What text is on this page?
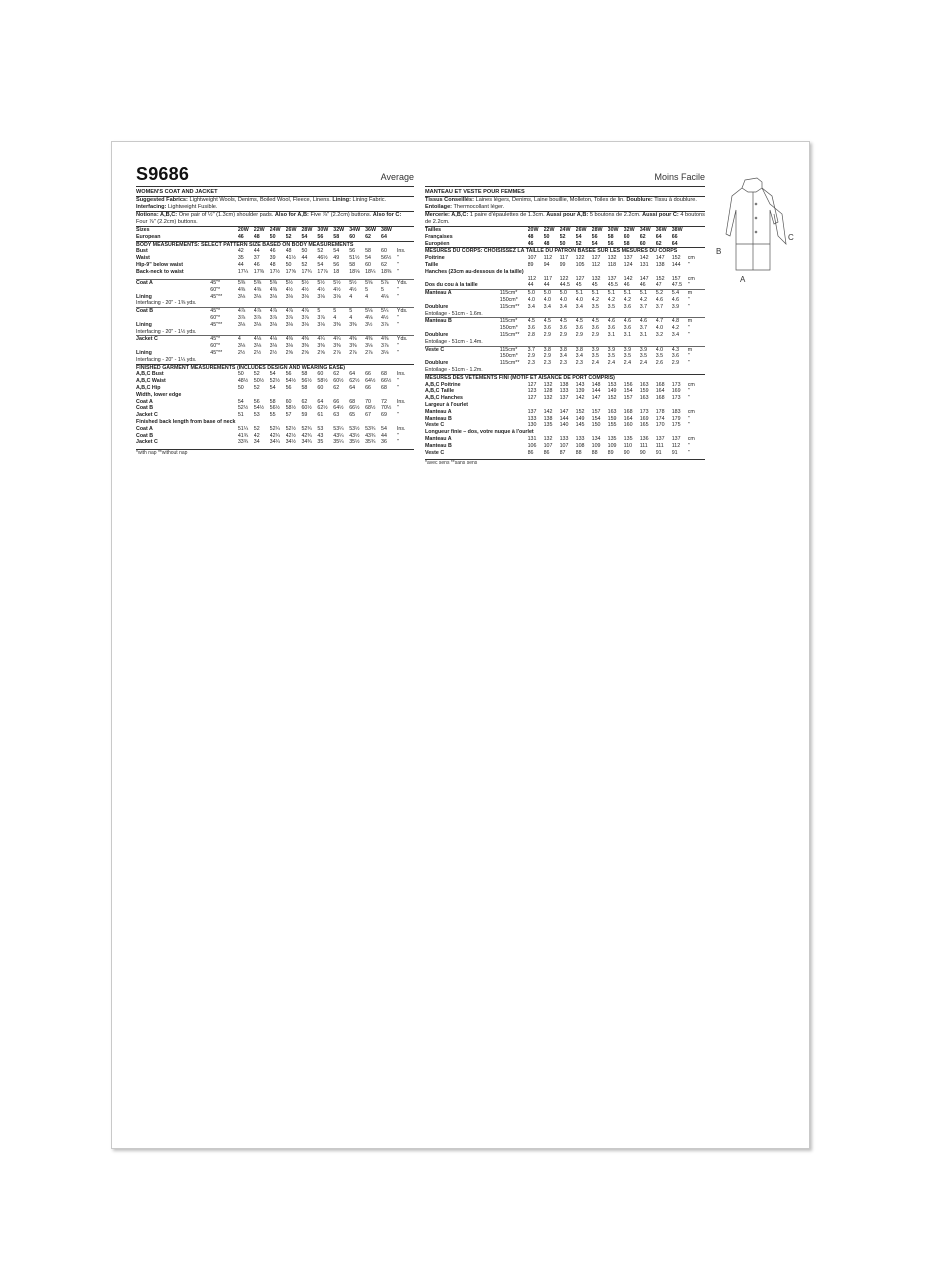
S9686	Average
WOMEN'S COAT AND JACKET
Suggested Fabrics: Lightweight Wools, Denims, Boiled Wool, Fleece, Linens. Lining: Lining Fabric. Interfacing: Lightweight Fusible.
Notions: A,B,C: One pair of ½" (1.3cm) shoulder pads. Also for A,B: Five ⅞" (2.2cm) buttons. Also for C: Four ⅞" (2.2cm) buttons.
Sizes		20W	22W	24W	26W	28W	30W	32W	34W	36W	38W	
European		46	48	50	52	54	56	58	60	62	64	
BODY MEASUREMENTS: SELECT PATTERN SIZE BASED ON BODY MEASUREMENTS												
Bust		42	44	46	48	50	52	54	56	58	60	Ins.
Waist		35	37	39	41½	44	46½	49	51½	54	56½	"
Hip-9" below waist		44	46	48	50	52	54	56	58	60	62	"
Back-neck to waist		17¼	17⅜	17½	17⅝	17¾	17⅞	18	18⅛	18¼	18⅜	"

Coat A	45"*	5⅜	5⅜	5⅜	5½	5½	5½	5½	5½	5⅝	5⅞	Yds.
	60"*	4⅜	4⅜	4⅜	4½	4½	4½	4½	4½	5	5	"
Lining	45"**	3⅛	3⅛	3⅛	3⅛	3⅛	3⅛	3⅛	4	4	4⅛	"
Interfacing - 20" - 1⅜ yds.												
Coat B	45"*	4⅞	4⅞	4⅞	4⅞	4⅞	5	5	5	5⅛	5¼	Yds.
	60"*	3⅞	3⅞	3⅞	3⅞	3⅞	3⅞	4	4	4⅛	4½	"
Lining	45"**	3⅛	3⅛	3⅛	3⅛	3⅛	3⅛	3⅜	3⅜	3½	3⅞	"
Interfacing - 20" - 1½ yds.												
Jacket C	45"*	4	4⅛	4⅛	4⅜	4⅜	4¼	4¼	4⅜	4⅜	4⅜	Yds.
	60"*	3⅛	3⅛	3⅛	3⅛	3⅜	3⅜	3⅜	3⅜	3⅛	3⅞	"
Lining	45"**	2½	2½	2½	2⅝	2⅝	2⅝	2⅞	2⅞	2⅞	3⅛	"
Interfacing - 20" - 1¼ yds.												
FINISHED GARMENT MEASUREMENTS (INCLUDES DESIGN AND WEARING EASE)												
A,B,C Bust		50	52	54	56	58	60	62	64	66	68	Ins.
A,B,C Waist		48½	50½	52½	54½	56½	58½	60½	62½	64½	66½	"
A,B,C Hip		50	52	54	56	58	60	62	64	66	68	"
Width, lower edge												
Coat A		54	56	58	60	62	64	66	68	70	72	Ins.
Coat B		52½	54½	56½	58½	60½	62½	64½	66½	68½	70½	"
Jacket C		51	53	55	57	59	61	63	65	67	69	"
Finished back length from base of neck												
Coat A		51¼	52	52¼	52½	52¾	53	53¼	53½	53¾	54	Ins.
Coat B		41¾	42	42¼	42½	42¾	43	43¼	43½	43¾	44	"
Jacket C		33¾	34	34¼	34½	34¾	35	35¼	35½	35¾	36	"
*with nap **without nap
Moins Facile
MANTEAU ET VESTE POUR FEMMES
Tissus Conseillés: Laines légers, Denims, Laine bouillie, Molleton, Toiles de lin. Doublure: Tissu à doublure. Entoilage: Thermocollant léger.
Mercerie: A,B,C: 1 paire d'épaulettes de 1.3cm. Aussi pour A,B: 5 boutons de 2.2cm. Aussi pour C: 4 boutons de 2.2cm.
Tailles		20W	22W	24W	26W	28W	30W	32W	34W	36W	38W	
Françaises		48	50	52	54	56	58	60	62	64	66	
Européen		46	48	50	52	54	56	58	60	62	64	
MESURES DU CORPS: CHOISISSEZ LA TAILLE DU PATRON BASÉE SUR LES MESURES DU CORPS												
Poitrine		107	112	117	122	127	132	137	142	147	152	cm
Taille		89	94	99	105	112	118	124	131	138	144	"
Hanches (23cm au-dessous de la taille)												
		112	117	122	127	132	137	142	147	152	157	cm
Dos du cou à la taille		44	44	44.5	45	45	45.5	46	46	47	47.5	"
Manteau A	115cm*	5.0	5.0	5.0	5.1	5.1	5.1	5.1	5.1	5.2	5.4	m
	150cm*	4.0	4.0	4.0	4.0	4.2	4.2	4.2	4.2	4.6	4.6	"
Doublure	115cm**	3.4	3.4	3.4	3.4	3.5	3.5	3.6	3.7	3.7	3.9	"
Entoilage - 51cm - 1.6m.												
Manteau B	115cm*	4.5	4.5	4.5	4.5	4.5	4.6	4.6	4.6	4.7	4.8	m
	150cm*	3.6	3.6	3.6	3.6	3.6	3.6	3.6	3.7	4.0	4.2	"
Doublure	115cm**	2.8	2.9	2.9	2.9	2.9	3.1	3.1	3.1	3.2	3.4	"
Entoilage - 51cm - 1.4m.												
Veste C	115cm*	3.7	3.8	3.8	3.8	3.9	3.9	3.9	3.9	4.0	4.3	m
	150cm*	2.9	2.9	3.4	3.4	3.5	3.5	3.5	3.5	3.5	3.6	"
Doublure	115cm**	2.3	2.3	2.3	2.3	2.4	2.4	2.4	2.4	2.6	2.9	"
Entoilage - 51cm - 1.2m.												
MESURES DES VÊTEMENTS FINI (MOTIF ET AISANCE DE PORT COMPRIS)												
A,B,C Poitrine		127	132	138	143	148	153	156	163	168	173	cm
A,B,C Taille		123	128	133	139	144	149	154	159	164	169	"
A,B,C Hanches		127	132	137	142	147	152	157	163	168	173	"
Largeur à l'ourlet												
Manteau A		137	142	147	152	157	163	168	173	178	183	cm
Manteau B		133	138	144	149	154	159	164	169	174	179	"
Veste C		130	135	140	145	150	155	160	165	170	175	"
Longueur finie – dos, votre nuque à l'ourlet												
Manteau A		131	132	133	133	134	135	135	136	137	137	cm
Manteau B		106	107	107	108	109	109	110	111	111	112	"
Veste C		86	86	87	88	88	89	90	90	91	91	"
*avec sens **sans sens
C
B
A
